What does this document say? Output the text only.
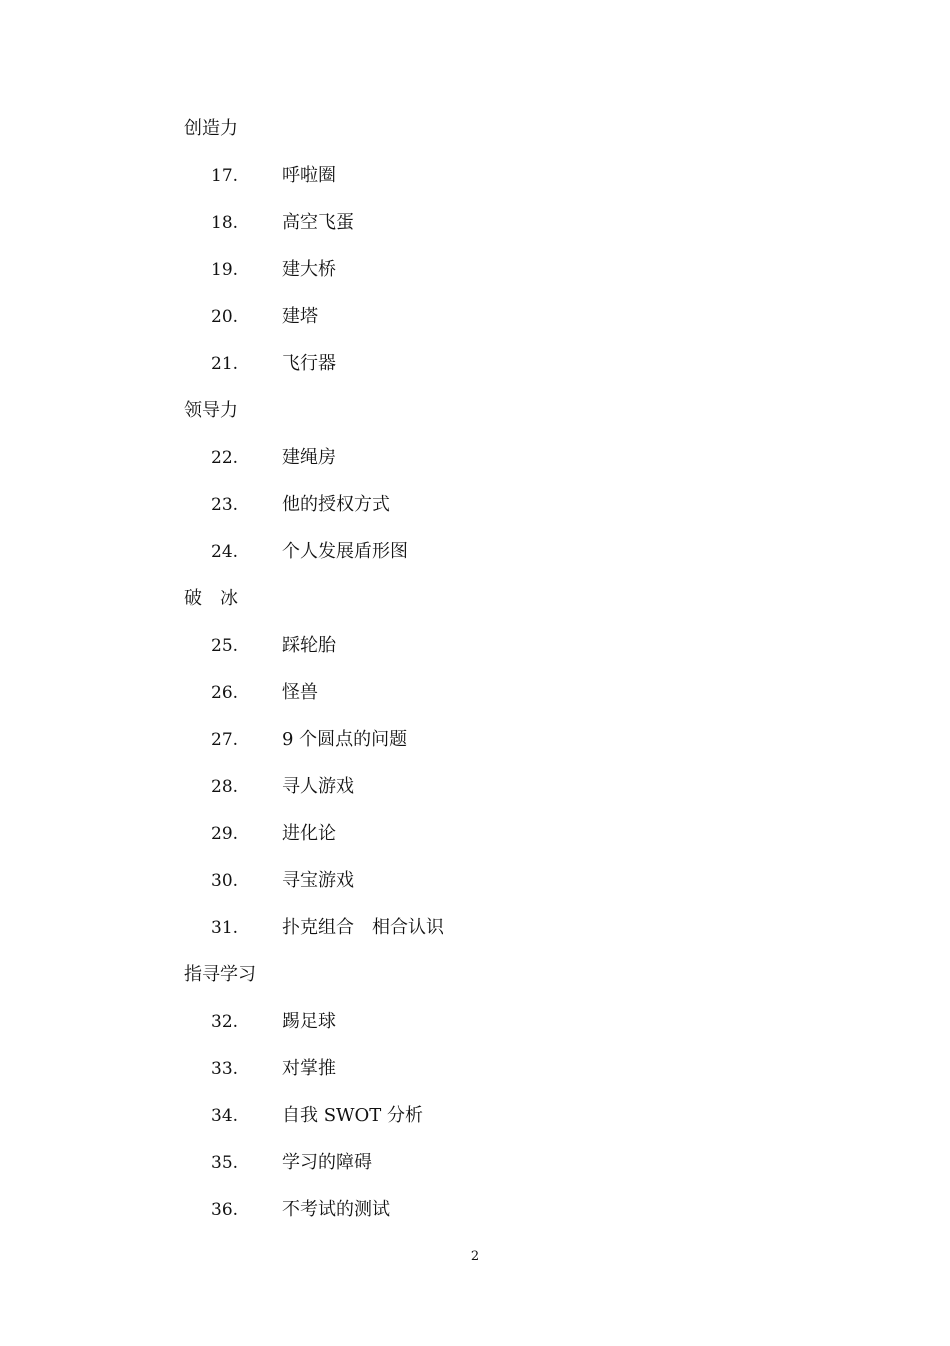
创造力

17.

呼啦圈

18.

高空飞蛋

19.

建大桥

20.

建塔

21.

飞行器

领导力

22.

建绳房

23.

他的授权方式

24.

个人发展盾形图

破　冰

25.

踩轮胎

26.

怪兽

27.

9 个圆点的问题

28.

寻人游戏

29.

进化论

30.

寻宝游戏

31.

扑克组合　相合认识

指寻学习

32.

踢足球

33.

对掌推

34.

自我 SWOT 分析

35.

学习的障碍

36.

不考试的测试

2
